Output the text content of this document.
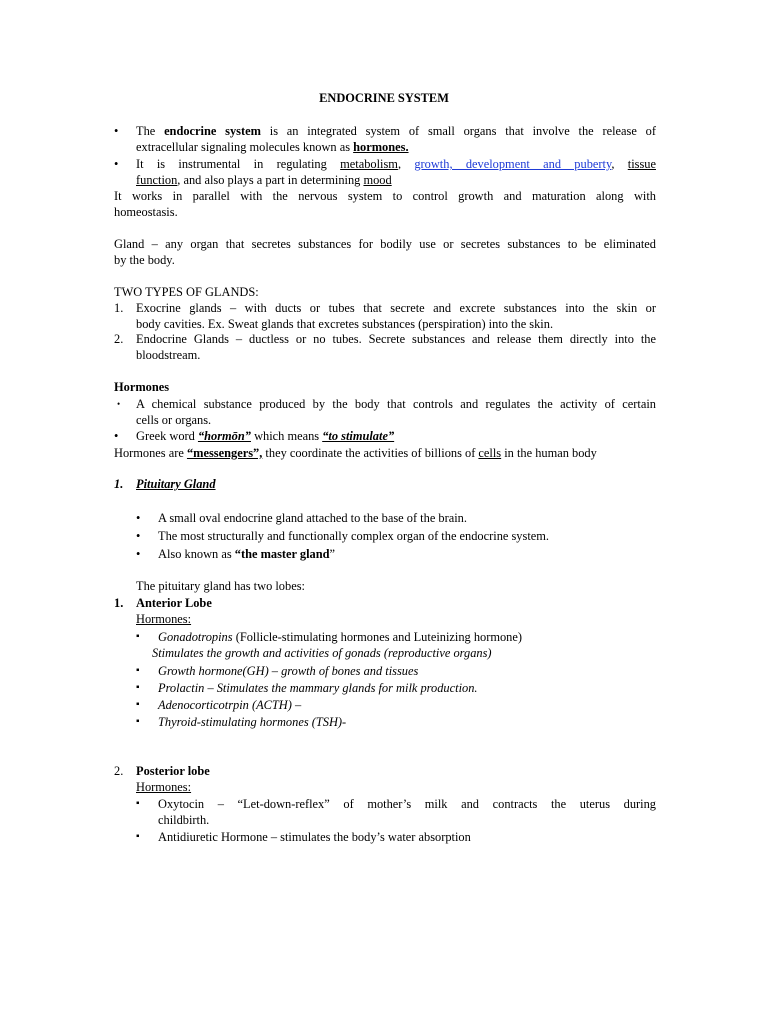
ENDOCRINE SYSTEM
• The endocrine system is an integrated system of small organs that involve the release of
extracellular signaling molecules known as hormones.
• It is instrumental in regulating metabolism, growth, development and puberty, tissue
function, and also plays a part in determining mood
It works in parallel with the nervous system to control growth and maturation along with
homeostasis.
Gland – any organ that secretes substances for bodily use or secretes substances to be eliminated
by the body.
TWO TYPES OF GLANDS:
1. Exocrine glands – with ducts or tubes that secrete and excrete substances into the skin or
body cavities. Ex. Sweat glands that excretes substances (perspiration) into the skin.
2. Endocrine Glands – ductless or no tubes. Secrete substances and release them directly into the
bloodstream.
Hormones
• A chemical substance produced by the body that controls and regulates the activity of certain
cells or organs.
• Greek word “hormōn” which means “to stimulate”
Hormones are “messengers”, they coordinate the activities of billions of cells in the human body
1. Pituitary Gland
• A small oval endocrine gland attached to the base of the brain.
• The most structurally and functionally complex organ of the endocrine system.
• Also known as “the master gland”
The pituitary gland has two lobes:
1. Anterior Lobe
Hormones:
▪ Gonadotropins (Follicle-stimulating hormones and Luteinizing hormone)
Stimulates the growth and activities of gonads (reproductive organs)
▪ Growth hormone(GH) – growth of bones and tissues
▪ Prolactin – Stimulates the mammary glands for milk production.
▪ Adenocorticotrpin (ACTH) –
▪ Thyroid-stimulating hormones (TSH)-
2. Posterior lobe
Hormones:
▪ Oxytocin – “Let-down-reflex” of mother’s milk and contracts the uterus during
childbirth.
▪ Antidiuretic Hormone – stimulates the body’s water absorption
